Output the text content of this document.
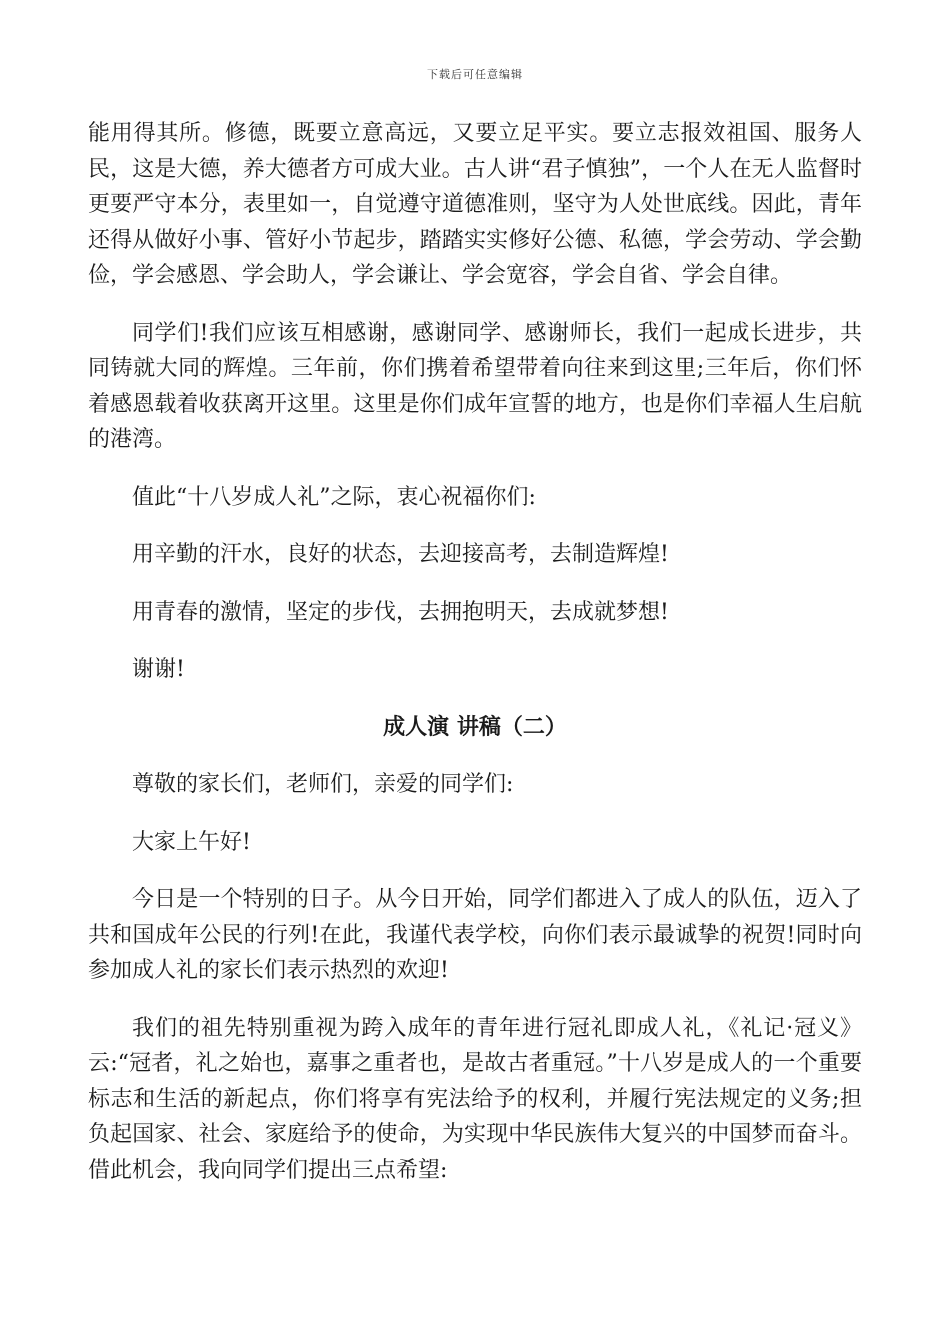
下载后可任意编辑

能用得其所。修德，既要立意高远，又要立足平实。要立志报效祖国、服务人民，这是大德，养大德者方可成大业。古人讲“君子慎独”，一个人在无人监督时更要严守本分，表里如一，自觉遵守道德准则，坚守为人处世底线。因此，青年还得从做好小事、管好小节起步，踏踏实实修好公德、私德，学会劳动、学会勤俭，学会感恩、学会助人，学会谦让、学会宽容，学会自省、学会自律。

同学们!我们应该互相感谢，感谢同学、感谢师长，我们一起成长进步，共同铸就大同的辉煌。三年前，你们携着希望带着向往来到这里;三年后，你们怀着感恩载着收获离开这里。这里是你们成年宣誓的地方，也是你们幸福人生启航的港湾。

值此“十八岁成人礼”之际，衷心祝福你们:

用辛勤的汗水，良好的状态，去迎接高考，去制造辉煌!

用青春的激情，坚定的步伐，去拥抱明天，去成就梦想!

谢谢!

成人演 讲稿（二）

尊敬的家长们，老师们，亲爱的同学们:

大家上午好!

今日是一个特别的日子。从今日开始，同学们都进入了成人的队伍，迈入了共和国成年公民的行列!在此，我谨代表学校，向你们表示最诚挚的祝贺!同时向参加成人礼的家长们表示热烈的欢迎!

我们的祖先特别重视为跨入成年的青年进行冠礼即成人礼，《礼记·冠义》云:“冠者，礼之始也，嘉事之重者也，是故古者重冠。”十八岁是成人的一个重要标志和生活的新起点，你们将享有宪法给予的权利，并履行宪法规定的义务;担负起国家、社会、家庭给予的使命，为实现中华民族伟大复兴的中国梦而奋斗。借此机会，我向同学们提出三点希望:
